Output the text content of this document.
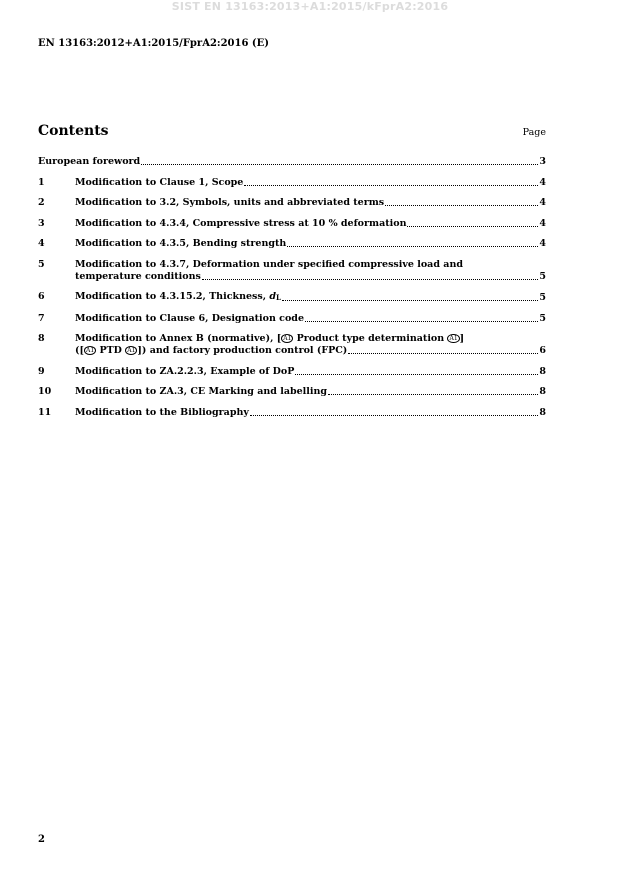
SIST EN 13163:2013+A1:2015/kFprA2:2016
EN 13163:2012+A1:2015/FprA2:2016 (E)
Contents	Page
European foreword	3
1	Modification to Clause 1, Scope	4
2	Modification to 3.2, Symbols, units and abbreviated terms	4
3	Modification to 4.3.4, Compressive stress at 10 % deformation	4
4	Modification to 4.3.5, Bending strength	4
5	Modification to 4.3.7, Deformation under specified compressive load and
temperature conditions	5
6	Modification to 4.3.15.2, Thickness, dL	5
7	Modification to Clause 6, Designation code	5
8	Modification to Annex B (normative), [ A1 Product type determination A1 ]
([ A1 PTD A1 ]) and factory production control (FPC)	6
9	Modification to ZA.2.2.3, Example of DoP	8
10	Modification to ZA.3, CE Marking and labelling	8
11	Modification to the Bibliography	8
2
